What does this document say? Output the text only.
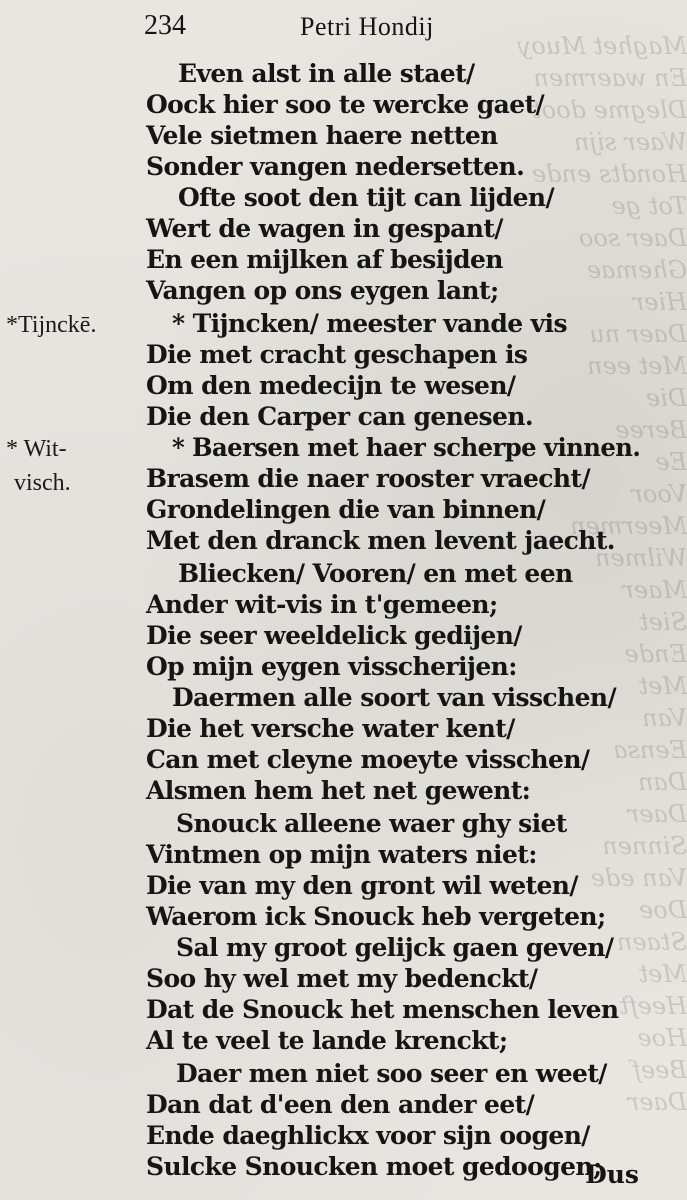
Maghet Muoy
En waermen
Dlegme doot
Waer sijn
Hondts ende
Tot ge
Daer soo
Ghemae
Hier
Daer nu
Met een
Die
Beree
Ee
Voor
Meermen
Wilmen
Maer
Siet
Ende
Met
Van
Eensa
Dan
Daer
Sinnen
Van ede
Doe
Staen
Met
Heeft
Hoe
Beef
Daer
234	Petri Hondij
Even alst in alle staet/
Oock hier soo te wercke gaet/
Vele sietmen haere netten
Sonder vangen nedersetten.
Ofte soot den tijt can lijden/
Wert de wagen in gespant/
En een mijlken af besijden
Vangen op ons eygen lant;
* Tijncken/ meester vande vis
Die met cracht geschapen is
Om den medecijn te wesen/
Die den Carper can genesen.
* Baersen met haer scherpe vinnen.
Brasem die naer rooster vraecht/
Grondelingen die van binnen/
Met den dranck men levent jaecht.
Bliecken/ Vooren/ en met een
Ander wit-vis in t'gemeen;
Die seer weeldelick gedijen/
Op mijn eygen visscherijen:
Daermen alle soort van visschen/
Die het versche water kent/
Can met cleyne moeyte visschen/
Alsmen hem het net gewent:
Snouck alleene waer ghy siet
Vintmen op mijn waters niet:
Die van my den gront wil weten/
Waerom ick Snouck heb vergeten;
Sal my groot gelijck gaen geven/
Soo hy wel met my bedenckt/
Dat de Snouck het menschen leven
Al te veel te lande krenckt;
Daer men niet soo seer en weet/
Dan dat d'een den ander eet/
Ende daeghlickx voor sijn oogen/
Sulcke Snoucken moet gedoogen;
*Tijnckē.
* Wit-
visch.
Dus
